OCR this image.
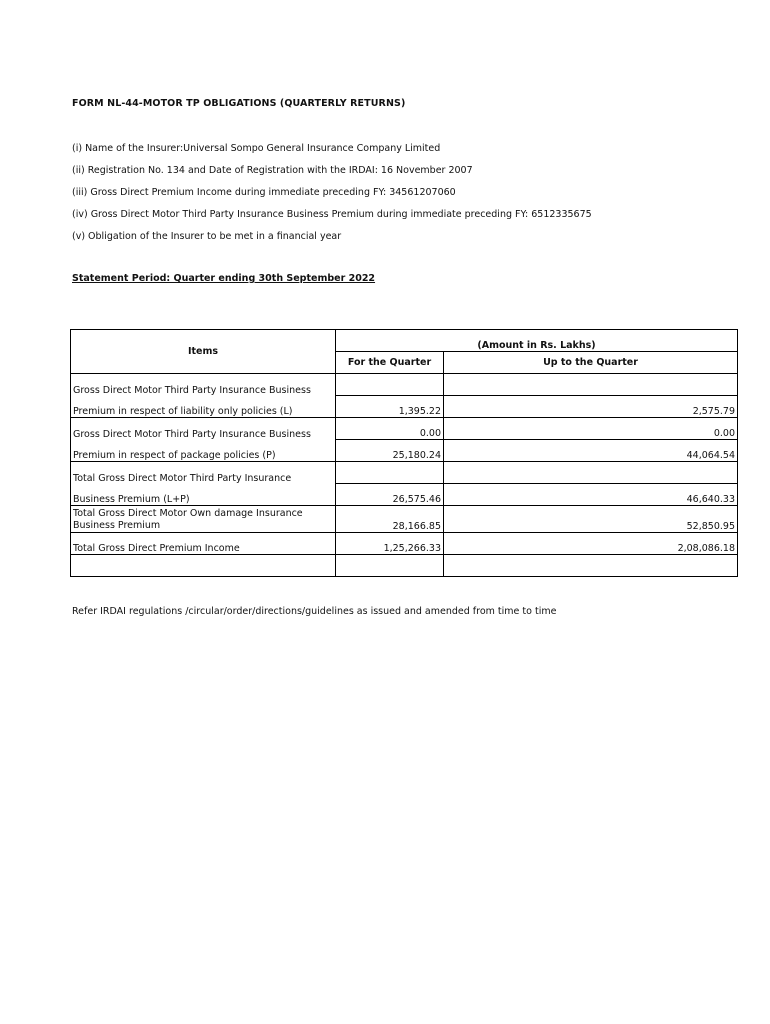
FORM NL-44-MOTOR TP OBLIGATIONS (QUARTERLY RETURNS)
(i) Name of the Insurer:Universal Sompo General Insurance Company Limited
(ii) Registration No. 134 and Date of Registration with the IRDAI: 16 November 2007
(iii) Gross Direct Premium Income during immediate preceding FY: 34561207060
(iv) Gross Direct Motor Third Party Insurance Business Premium during immediate preceding FY: 6512335675
(v) Obligation of the Insurer to be met in a financial year
Statement Period: Quarter ending 30th September 2022
Items	(Amount in Rs. Lakhs)	
	For the Quarter	Up to the Quarter
Gross Direct Motor Third Party Insurance Business		
Premium in respect of liability only policies (L)	1,395.22	2,575.79
Gross Direct Motor Third Party Insurance Business	0.00	0.00
Premium in respect of package policies (P)	25,180.24	44,064.54
Total Gross Direct Motor Third Party Insurance		
Business Premium (L+P)	26,575.46	46,640.33
Total Gross Direct Motor Own damage Insurance Business Premium	28,166.85	52,850.95
Total Gross Direct Premium Income	1,25,266.33	2,08,086.18

Refer IRDAI regulations /circular/order/directions/guidelines as issued and amended from time to time
